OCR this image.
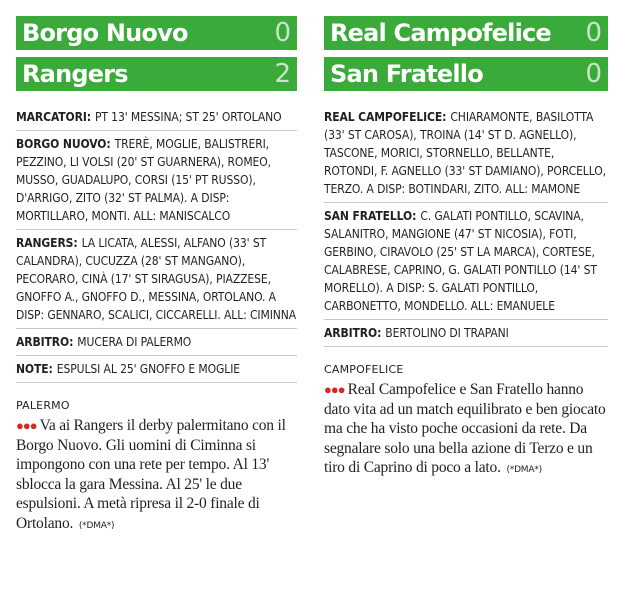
Borgo Nuovo	0
Rangers	2
MARCATORI: PT 13' MESSINA; ST 25' ORTOLANO
BORGO NUOVO: TRERÈ, MOGLIE, BALISTRERI, PEZZINO, LI VOLSI (20' ST GUARNERA), ROMEO, MUSSO, GUADALUPO, CORSI (15' PT RUSSO), D'ARRIGO, ZITO (32' ST PALMA). A DISP: MORTILLARO, MONTI. ALL: MANISCALCO
RANGERS: LA LICATA, ALESSI, ALFANO (33' ST CALANDRA), CUCUZZA (28' ST MANGANO), PECORARO, CINÀ (17' ST SIRAGUSA), PIAZZESE, GNOFFO A., GNOFFO D., MESSINA, ORTOLANO. A DISP: GENNARO, SCALICI, CICCARELLI. ALL: CIMINNA
ARBITRO: MUCERA DI PALERMO
NOTE: ESPULSI AL 25' GNOFFO E MOGLIE
PALERMO
●●● Va ai Rangers il derby palermitano con il Borgo Nuovo. Gli uomini di Ciminna si impongono con una rete per tempo. Al 13' sblocca la gara Messina. Al 25' le due espulsioni. A metà ripresa il 2-0 finale di Ortolano. (*DMA*)
Real Campofelice 0
San Fratello	0
REAL CAMPOFELICE: CHIARAMONTE, BASILOTTA (33' ST CAROSA), TROINA (14' ST D. AGNELLO), TASCONE, MORICI, STORNELLO, BELLANTE, ROTONDI, F. AGNELLO (33' ST DAMIANO), PORCELLO, TERZO. A DISP: BOTINDARI, ZITO. ALL: MAMONE
SAN FRATELLO: C. GALATI PONTILLO, SCAVINA, SALANITRO, MANGIONE (47' ST NICOSIA), FOTI, GERBINO, CIRAVOLO (25' ST LA MARCA), CORTESE, CALABRESE, CAPRINO, G. GALATI PONTILLO (14' ST MORELLO). A DISP: S. GALATI PONTILLO, CARBONETTO, MONDELLO. ALL: EMANUELE
ARBITRO: BERTOLINO DI TRAPANI
CAMPOFELICE
●●● Real Campofelice e San Fratello hanno dato vita ad un match equilibrato e ben giocato ma che ha visto poche occasioni da rete. Da segnalare solo una bella azione di Terzo e un tiro di Caprino di poco a lato. (*DMA*)
